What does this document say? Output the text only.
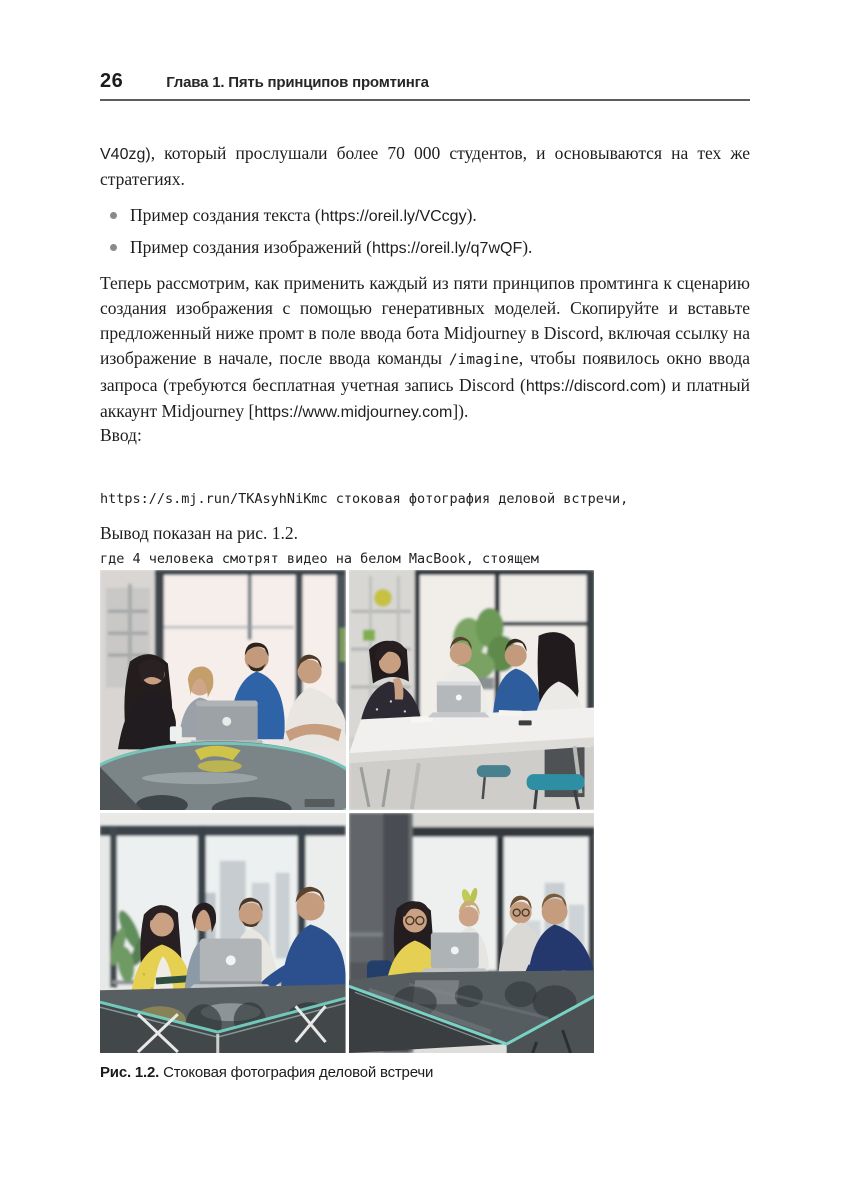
26	Глава 1. Пять принципов промтинга

V40zg), который прослушали более 70 000 студентов, и основываются на тех же стратегиях.

Пример создания текста (https://oreil.ly/VCcgy).
Пример создания изображений (https://oreil.ly/q7wQF).

Теперь рассмотрим, как применить каждый из пяти принципов промтинга к сценарию создания изображения с помощью генеративных моделей. Скопируйте и вставьте предложенный ниже промт в поле ввода бота Midjourney в Discord, включая ссылку на изображение в начале, после ввода команды /imagine, чтобы появилось окно ввода запроса (требуются бесплатная учетная запись Discord (https://discord.com) и платный аккаунт Midjourney [https://www.midjourney.com]).

Ввод:

https://s.mj.run/TKAsyhNiKmc стоковая фотография деловой встречи,

где 4 человека смотрят видео на белом MacBook, стоящем

Вывод показан на рис. 1.2.

Рис. 1.2. Стоковая фотография деловой встречи
